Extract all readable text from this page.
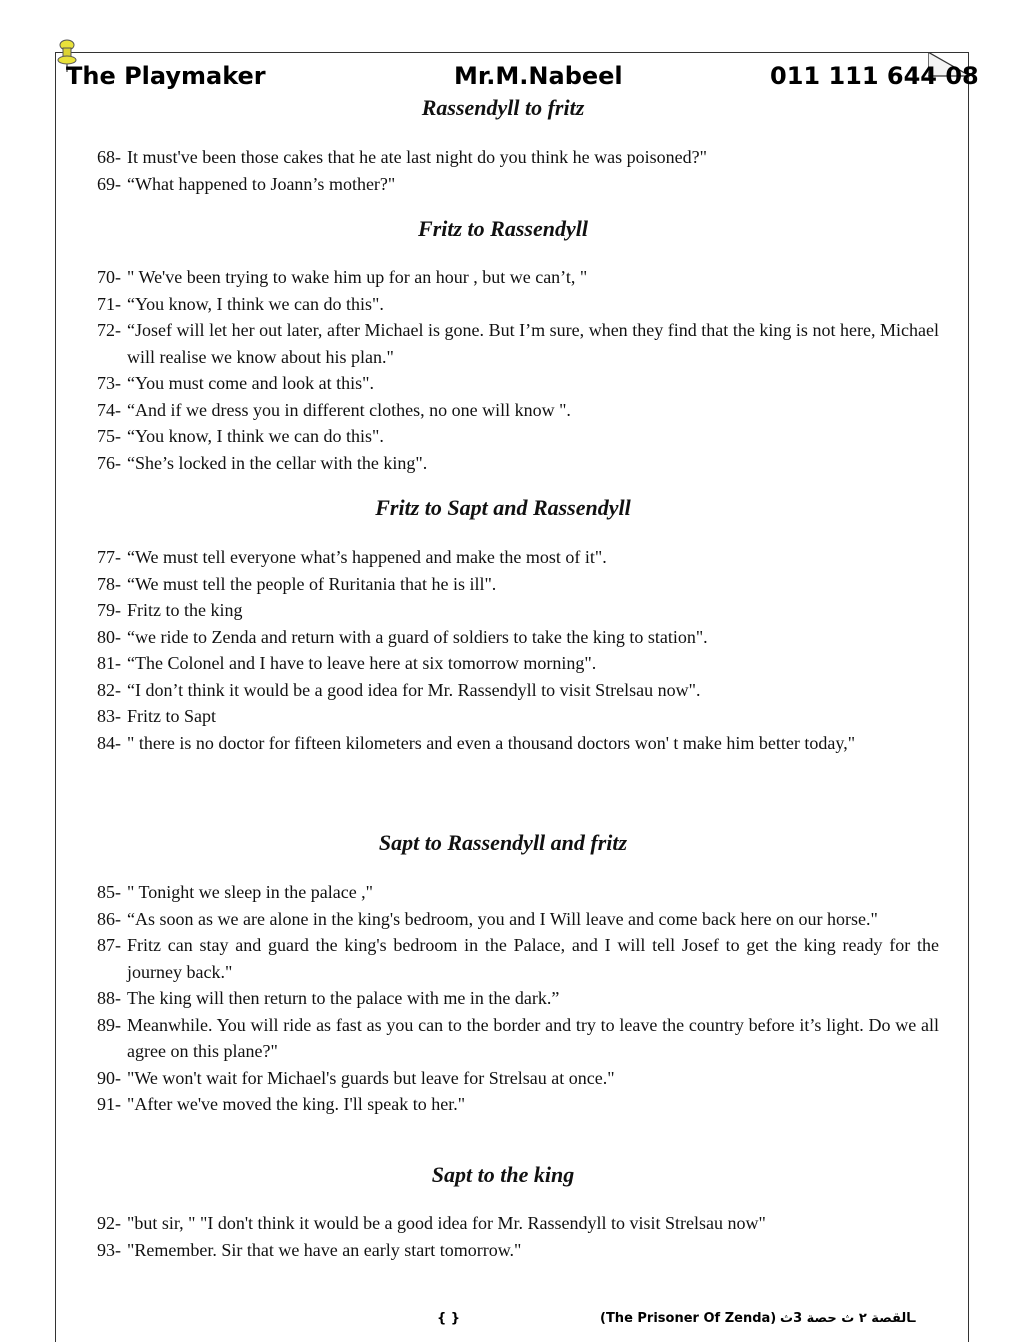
The Playmaker	Mr.M.Nabeel	011 111 644 08
Rassendyll to fritz
68- It must've been those cakes that he ate last night do you think he was poisoned?"
69- “What happened to Joann’s mother?"
Fritz to Rassendyll
70- " We've been trying to wake him up for an hour , but we can’t, "
71- “You know, I think we can do this".
72- “Josef will let her out later, after Michael is gone. But I’m sure, when they find that the king is not here, Michael will realise we know about his plan."
73- “You must come and look at this".
74- “And if we dress you in different clothes, no one will know ".
75- “You know, I think we can do this".
76- “She’s locked in the cellar with the king".
Fritz to Sapt and Rassendyll
77- “We must tell everyone what’s happened and make the most of it".
78- “We must tell the people of Ruritania that he is ill".
79- Fritz to the king
80- “we ride to Zenda and return with a guard of soldiers to take the king to station".
81- “The Colonel and I have to leave here at six tomorrow morning".
82- “I don’t think it would be a good idea for Mr. Rassendyll to visit Strelsau now".
83- Fritz to Sapt
84- " there is no doctor for fifteen kilometers and even a thousand doctors won' t make him better today,"
Sapt to Rassendyll and fritz
85- " Tonight we sleep in the palace ,"
86- “As soon as we are alone in the king's bedroom, you and I Will leave and come back here on our horse."
87- Fritz can stay and guard the king's bedroom in the Palace, and I will tell Josef to get the king ready for the journey back."
88- The king will then return to the palace with me in the dark.”
89- Meanwhile. You will ride as fast as you can to the border and try to leave the country before it’s light. Do we all agree on this plane?"
90- "We won't wait for Michael's guards but leave for Strelsau at once."
91- "After we've moved the king. I'll speak to her."
Sapt to the king
92- "but sir, " "I don't think it would be a good idea for Mr. Rassendyll to visit Strelsau now"
93- "Remember. Sir that we have an early start tomorrow."
{ }	(The Prisoner Of Zenda) ـالقصة ٢ ث حصة 3ث
